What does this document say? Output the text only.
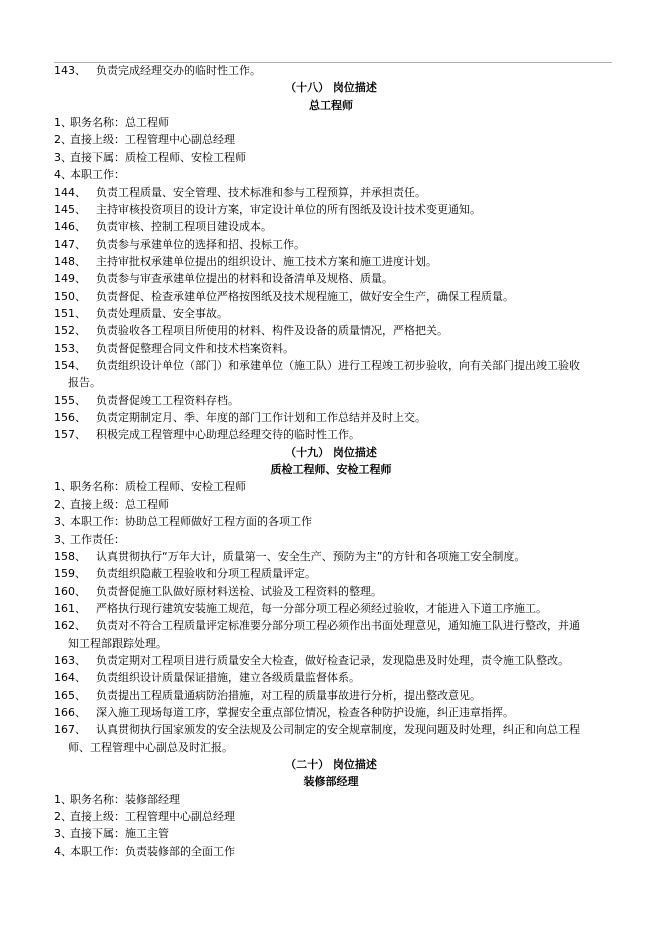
143、 负责完成经理交办的临时性工作。
（十八） 岗位描述
总工程师
1、职务名称：总工程师
2、直接上级：工程管理中心副总经理
3、直接下属：质检工程师、安检工程师
4、本职工作：
144、 负责工程质量、安全管理、技术标准和参与工程预算，并承担责任。
145、 主持审核投资项目的设计方案，审定设计单位的所有图纸及设计技术变更通知。
146、 负责审核、控制工程项目建设成本。
147、 负责参与承建单位的选择和招、投标工作。
148、 主持审批权承建单位提出的组织设计、施工技术方案和施工进度计划。
149、 负责参与审查承建单位提出的材料和设备清单及规格、质量。
150、 负责督促、检查承建单位严格按图纸及技术规程施工，做好安全生产，确保工程质量。
151、 负责处理质量、安全事故。
152、 负责验收各工程项目所使用的材料、构件及设备的质量情况，严格把关。
153、 负责督促整理合同文件和技术档案资料。
154、 负责组织设计单位（部门）和承建单位（施工队）进行工程竣工初步验收，向有关部门提出竣工验收
报告。
155、 负责督促竣工工程资料存档。
156、 负责定期制定月、季、年度的部门工作计划和工作总结并及时上交。
157、 积极完成工程管理中心助理总经理交待的临时性工作。
（十九） 岗位描述
质检工程师、安检工程师
1、职务名称：质检工程师、安检工程师
2、直接上级：总工程师
3、本职工作：协助总工程师做好工程方面的各项工作
3、工作责任：
158、 认真贯彻执行“万年大计，质量第一、安全生产、预防为主”的方针和各项施工安全制度。
159、 负责组织隐蔽工程验收和分项工程质量评定。
160、 负责督促施工队做好原材料送检、试验及工程资料的整理。
161、 严格执行现行建筑安装施工规范，每一分部分项工程必须经过验收，才能进入下道工序施工。
162、 负责对不符合工程质量评定标准要分部分项工程必须作出书面处理意见，通知施工队进行整改，并通
知工程部跟踪处理。
163、 负责定期对工程项目进行质量安全大检查，做好检查记录，发现隐患及时处理，责令施工队整改。
164、 负责组织设计质量保证措施，建立各级质量监督体系。
165、 负责提出工程质量通病防治措施，对工程的质量事故进行分析，提出整改意见。
166、 深入施工现场每道工序，掌握安全重点部位情况，检查各种防护设施，纠正违章指挥。
167、 认真贯彻执行国家颁发的安全法规及公司制定的安全规章制度，发现问题及时处理，纠正和向总工程
师、工程管理中心副总及时汇报。
（二十） 岗位描述
装修部经理
1、职务名称：装修部经理
2、直接上级：工程管理中心副总经理
3、直接下属：施工主管
4、本职工作：负责装修部的全面工作
